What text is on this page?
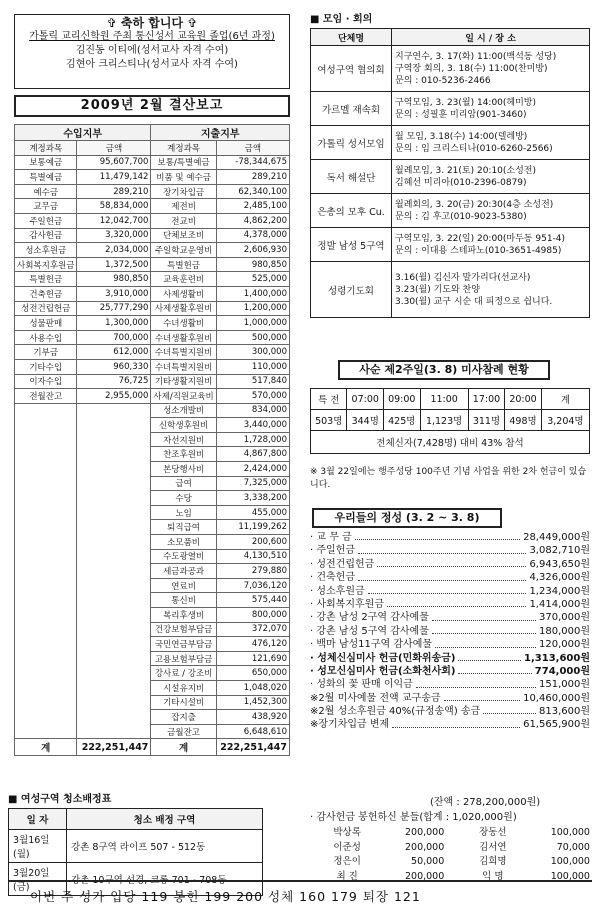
✞ 축하 합니다 ✞
가톨릭 교리신학원 주최 통신성서 교육원 졸업(6년 과정)
김진동 이티에(성서교사 자격 수여)
김현아 크리스티나(성서교사 자격 수여)
2009년 2월 결산보고
수입지부		지출지부	
계정과목	금액	계정과목	금액
보통예금	95,607,700	보통/특별예금	-78,344,675
특별예금	11,479,142	비품 및 예수금	289,210
예수금	289,210	장기차입금	62,340,100
교무금	58,834,000	제전비	2,485,100
주일헌금	12,042,700	전교비	4,862,200
감사헌금	3,320,000	단체보조비	4,378,000
성소후원금	2,034,000	주일학교운영비	2,606,930
사회복지후원금	1,372,500	특별헌금	980,850
특별헌금	980,850	교육훈련비	525,000
건축헌금	3,910,000	사제생활비	1,400,000
성전건립헌금	25,777,290	사제생활후원비	1,200,000
성물판매	1,300,000	수녀생활비	1,000,000
사용수입	700,000	수녀생활후원비	500,000
기부금	612,000	수녀특별지원비	300,000
기타수입	960,330	수녀특별지원비	110,000
이자수입	76,725	기타생활지원비	517,840
전월잔고	2,955,000	사제/직원교육비	570,000
		성소개발비	834,000
		신학생후원비	3,440,000
		자선지원비	1,728,000
		찬조후원비	4,867,800
		본당행사비	2,424,000
		급여	7,325,000
		수당	3,338,200
		노임	455,000
		퇴직급여	11,199,262
		소모품비	200,600
		수도광열비	4,130,510
		세금과공과	279,880
		연료비	7,036,120
		통신비	575,440
		복리후생비	800,000
		건강보험부담금	372,070
		국민연금부담금	476,120
		고용보험부담금	121,690
		강사료 / 강조비	650,000
		시설유지비	1,048,020
		기타시설비	1,452,300
		잡지출	438,920
		금월잔고	6,648,610
계	222,251,447	계	222,251,447
■ 여성구역 청소배정표
일 자	청소 배정 구역
3월16일(월)	강촌 8구역 라이프 507 - 512동
3월20일(금)	강촌 10구역 선경, 코롱 701 - 708동
■ 모임 · 회의
단체명	일 시 / 장 소
여성구역 협의회	지구연수, 3. 17(화) 11:00(백석동 성당)
구역장 회의, 3. 18(수) 11:00(찬미방)
문의 : 010-5236-2466

가르멜 재속회	구역모임, 3. 23(월) 14:00(헤미방)
문의 : 성필훈 미리암(901-3460)

가톨릭 성서모임	월 모임, 3.18(수) 14:00(델레방)
문의 : 임 크리스티나(010-6260-2566)

독서 해설단	월례모임, 3. 21(토) 20:10(소성전)
김혜선 미리아(010-2396-0879)

은총의 모후 Cu.	월례회의, 3. 20(금) 20:30(4층 소성전)
문의 : 김 후고(010-9023-5380)

정발 남성 5구역	구역모임, 3. 22(일) 20:00(마두동 951-4)
문의 : 이대용 스테파노(010-3651-4985)

성령기도회	3.16(월) 김신자 말가리다(선교사)
3.23(월) 기도와 찬양
3.30(월) 교구 시순 대 피정으로 쉽니다.
사순 제2주일(3. 8) 미사참례 현황
특 전	07:00	09:00	11:00	17:00	20:00	계
503명	344명	425명	1,123명	311명	498명	3,204명
전체신자(7,428명) 대비 43% 참석						
※ 3월 22일에는 행주성당 100주년 기념 사업을 위한 2차 헌금이 있습니다.
우리들의 정성 (3. 2 ~ 3. 8)
· 교 무 금	28,449,000원
· 주일헌금	3,082,710원
· 성전건립헌금	6,943,650원
· 건축헌금	4,326,000원
· 성소후원금	1,234,000원
· 사회복지후원금	1,414,000원
· 강촌 남성 2구역 감사예물	370,000원
· 강촌 남성 5구역 감사예물	180,000원
· 백마 남성11구역 감사예물	120,000원
· 성체신심미사 헌금(민화위송금)	1,313,600원
· 성모신심미사 헌금(소화천사회)	774,000원
· 성화의 꽃 판매 이익금	151,000원
※2월 미사예물 전액 교구송금	10,460,000원
※2월 성소후원금 40%(규정송액) 송금	813,600원
※장기차입금 변제	61,565,900원
(잔액 : 278,200,000원)
· 감사헌금 봉헌하신 분들(합계 : 1,020,000원)
박상록	200,000	장동선	100,000
이준성	200,000	김서연	70,000
정은이	50,000	김희명	100,000
최 진	200,000	익 명	100,000
이번 주 성가 입당 119 봉헌 199 200 성체 160 179 퇴장 121
